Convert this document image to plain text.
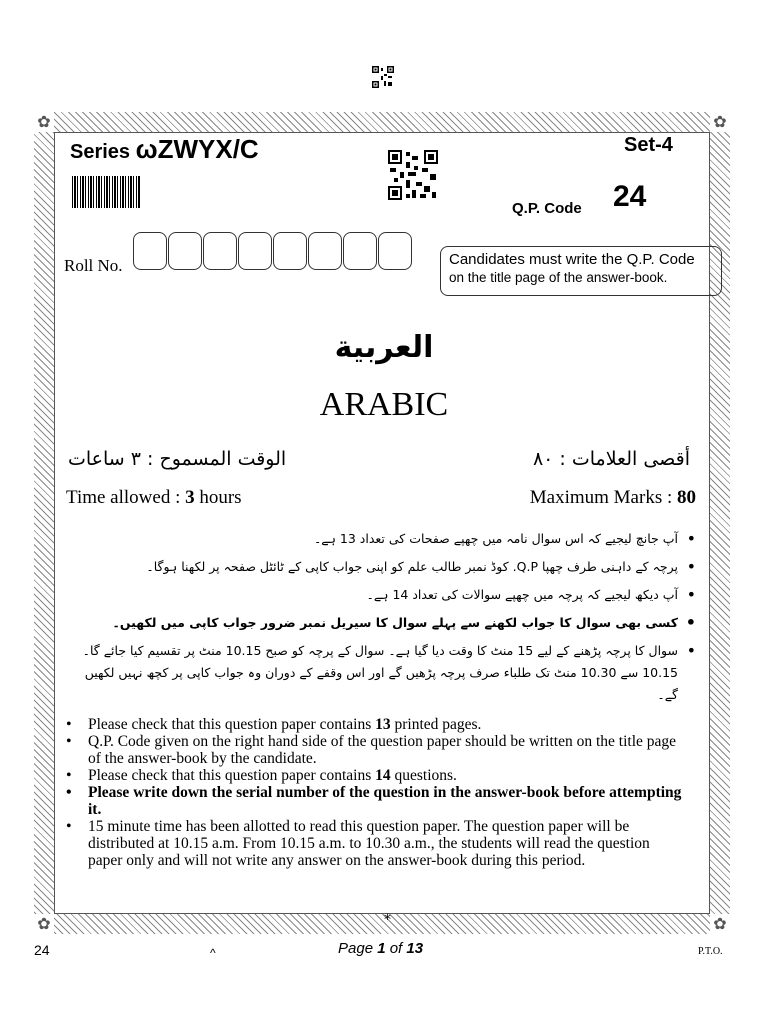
✿	✿
✿	✿
Series ωZWYX/C	Set-4
Q.P. Code 24
Roll No.	Candidates must write the Q.P. Code
on the title page of the answer-book.
العربية
ARABIC
الوقت المسموح : ٣ ساعات	أقصى العلامات : ٨٠
Time allowed : 3 hours	Maximum Marks : 80
• آپ جانچ لیجیے کہ اس سوال نامہ میں چھپے صفحات کی تعداد 13 ہے۔
• پرچہ کے داہنی طرف چھپا Q.P. کوڈ نمبر طالب علم کو اپنی جواب کاپی کے ٹائٹل صفحہ پر لکھنا ہوگا۔
• آپ دیکھ لیجیے کہ پرچہ میں چھپے سوالات کی تعداد 14 ہے۔
• کسی بھی سوال کا جواب لکھنے سے پہلے سوال کا سیریل نمبر ضرور جواب کاپی میں لکھیں۔
• سوال کا پرچہ پڑھنے کے لیے 15 منٹ کا وقت دیا گیا ہے۔ سوال کے پرچہ کو صبح 10.15 منٹ پر تقسیم کیا جائے گا۔ 10.15 سے 10.30 منٹ تک طلباء صرف پرچہ پڑھیں گے اور اس وقفے کے دوران وہ جواب کاپی پر کچھ نہیں لکھیں گے۔
• Please check that this question paper contains 13 printed pages.
• Q.P. Code given on the right hand side of the question paper should be written on the title page of the answer-book by the candidate.
• Please check that this question paper contains 14 questions.
• Please write down the serial number of the question in the answer-book before attempting it.
• 15 minute time has been allotted to read this question paper. The question paper will be distributed at 10.15 a.m. From 10.15 a.m. to 10.30 a.m., the students will read the question paper only and will not write any answer on the answer-book during this period.
*
24	^	Page 1 of 13	P.T.O.
